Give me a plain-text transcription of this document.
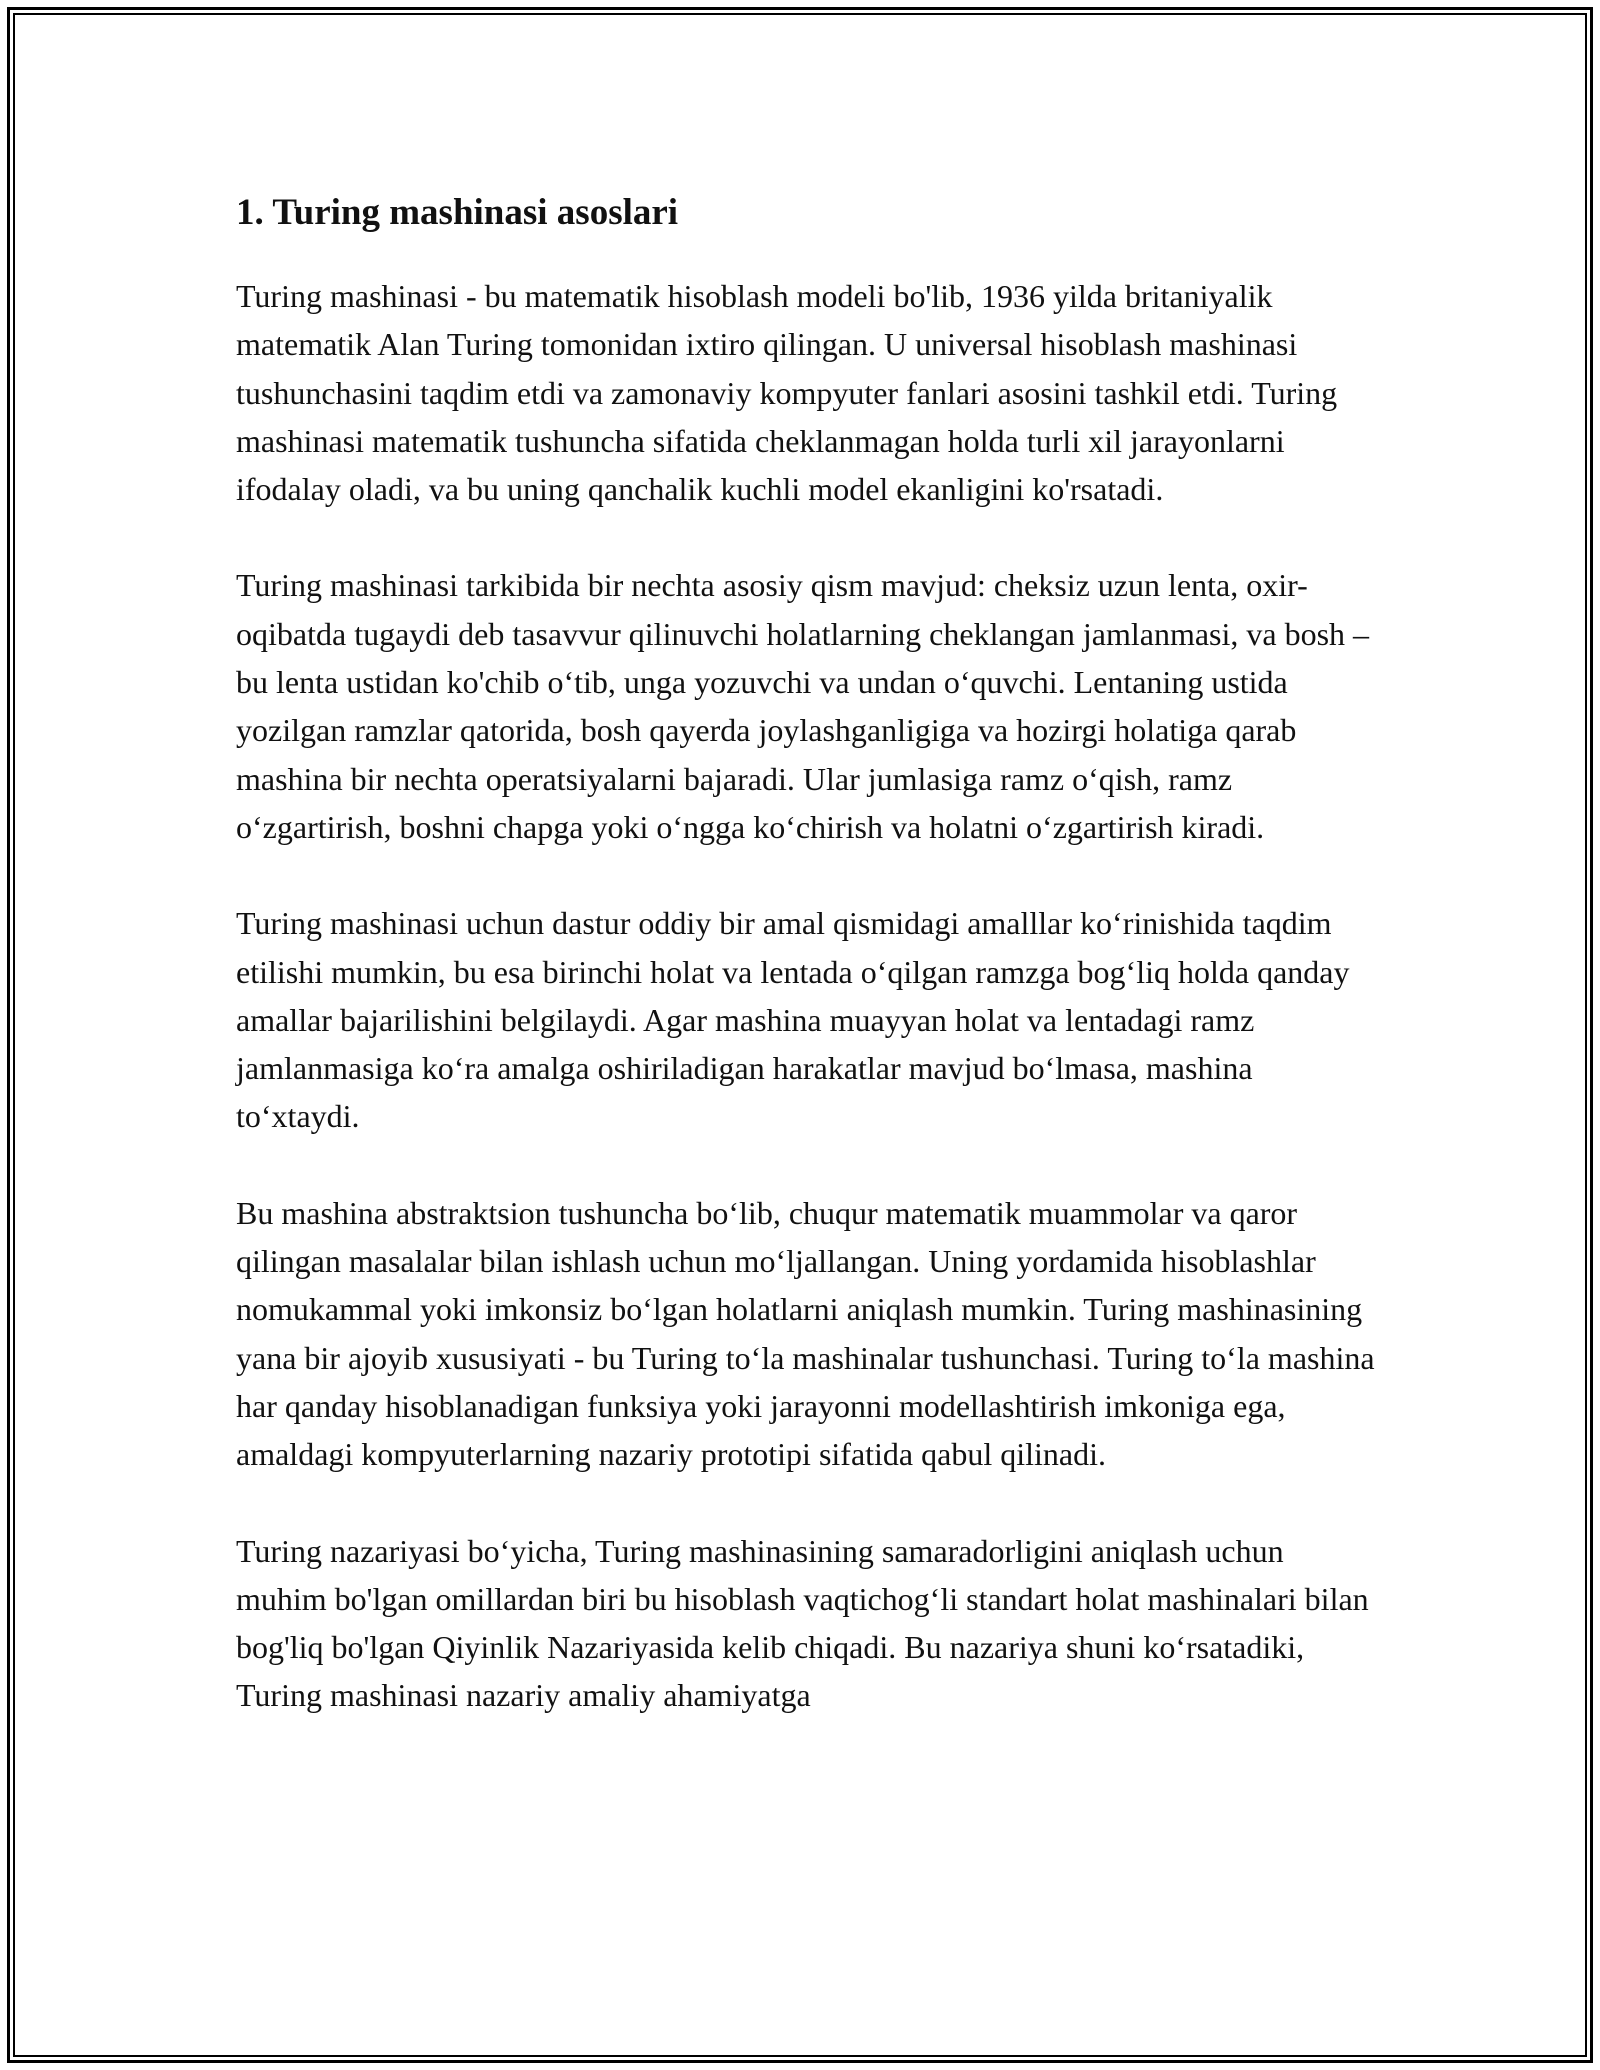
1. Turing mashinasi asoslari

Turing mashinasi - bu matematik hisoblash modeli bo'lib, 1936 yilda britaniyalik matematik Alan Turing tomonidan ixtiro qilingan. U universal hisoblash mashinasi tushunchasini taqdim etdi va zamonaviy kompyuter fanlari asosini tashkil etdi. Turing mashinasi matematik tushuncha sifatida cheklanmagan holda turli xil jarayonlarni ifodalay oladi, va bu uning qanchalik kuchli model ekanligini ko'rsatadi.

Turing mashinasi tarkibida bir nechta asosiy qism mavjud: cheksiz uzun lenta, oxir-oqibatda tugaydi deb tasavvur qilinuvchi holatlarning cheklangan jamlanmasi, va bosh – bu lenta ustidan ko'chib o‘tib, unga yozuvchi va undan o‘quvchi. Lentaning ustida yozilgan ramzlar qatorida, bosh qayerda joylashganligiga va hozirgi holatiga qarab mashina bir nechta operatsiyalarni bajaradi. Ular jumlasiga ramz o‘qish, ramz o‘zgartirish, boshni chapga yoki o‘ngga ko‘chirish va holatni o‘zgartirish kiradi.

Turing mashinasi uchun dastur oddiy bir amal qismidagi amalllar ko‘rinishida taqdim etilishi mumkin, bu esa birinchi holat va lentada o‘qilgan ramzga bog‘liq holda qanday amallar bajarilishini belgilaydi. Agar mashina muayyan holat va lentadagi ramz jamlanmasiga ko‘ra amalga oshiriladigan harakatlar mavjud bo‘lmasa, mashina to‘xtaydi.

Bu mashina abstraktsion tushuncha bo‘lib, chuqur matematik muammolar va qaror qilingan masalalar bilan ishlash uchun mo‘ljallangan. Uning yordamida hisoblashlar nomukammal yoki imkonsiz bo‘lgan holatlarni aniqlash mumkin. Turing mashinasining yana bir ajoyib xususiyati - bu Turing to‘la mashinalar tushunchasi. Turing to‘la mashina har qanday hisoblanadigan funksiya yoki jarayonni modellashtirish imkoniga ega, amaldagi kompyuterlarning nazariy prototipi sifatida qabul qilinadi.

Turing nazariyasi bo‘yicha, Turing mashinasining samaradorligini aniqlash uchun muhim bo'lgan omillardan biri bu hisoblash vaqtichog‘li standart holat mashinalari bilan bog'liq bo'lgan Qiyinlik Nazariyasida kelib chiqadi. Bu nazariya shuni ko‘rsatadiki, Turing mashinasi nazariy amaliy ahamiyatga
